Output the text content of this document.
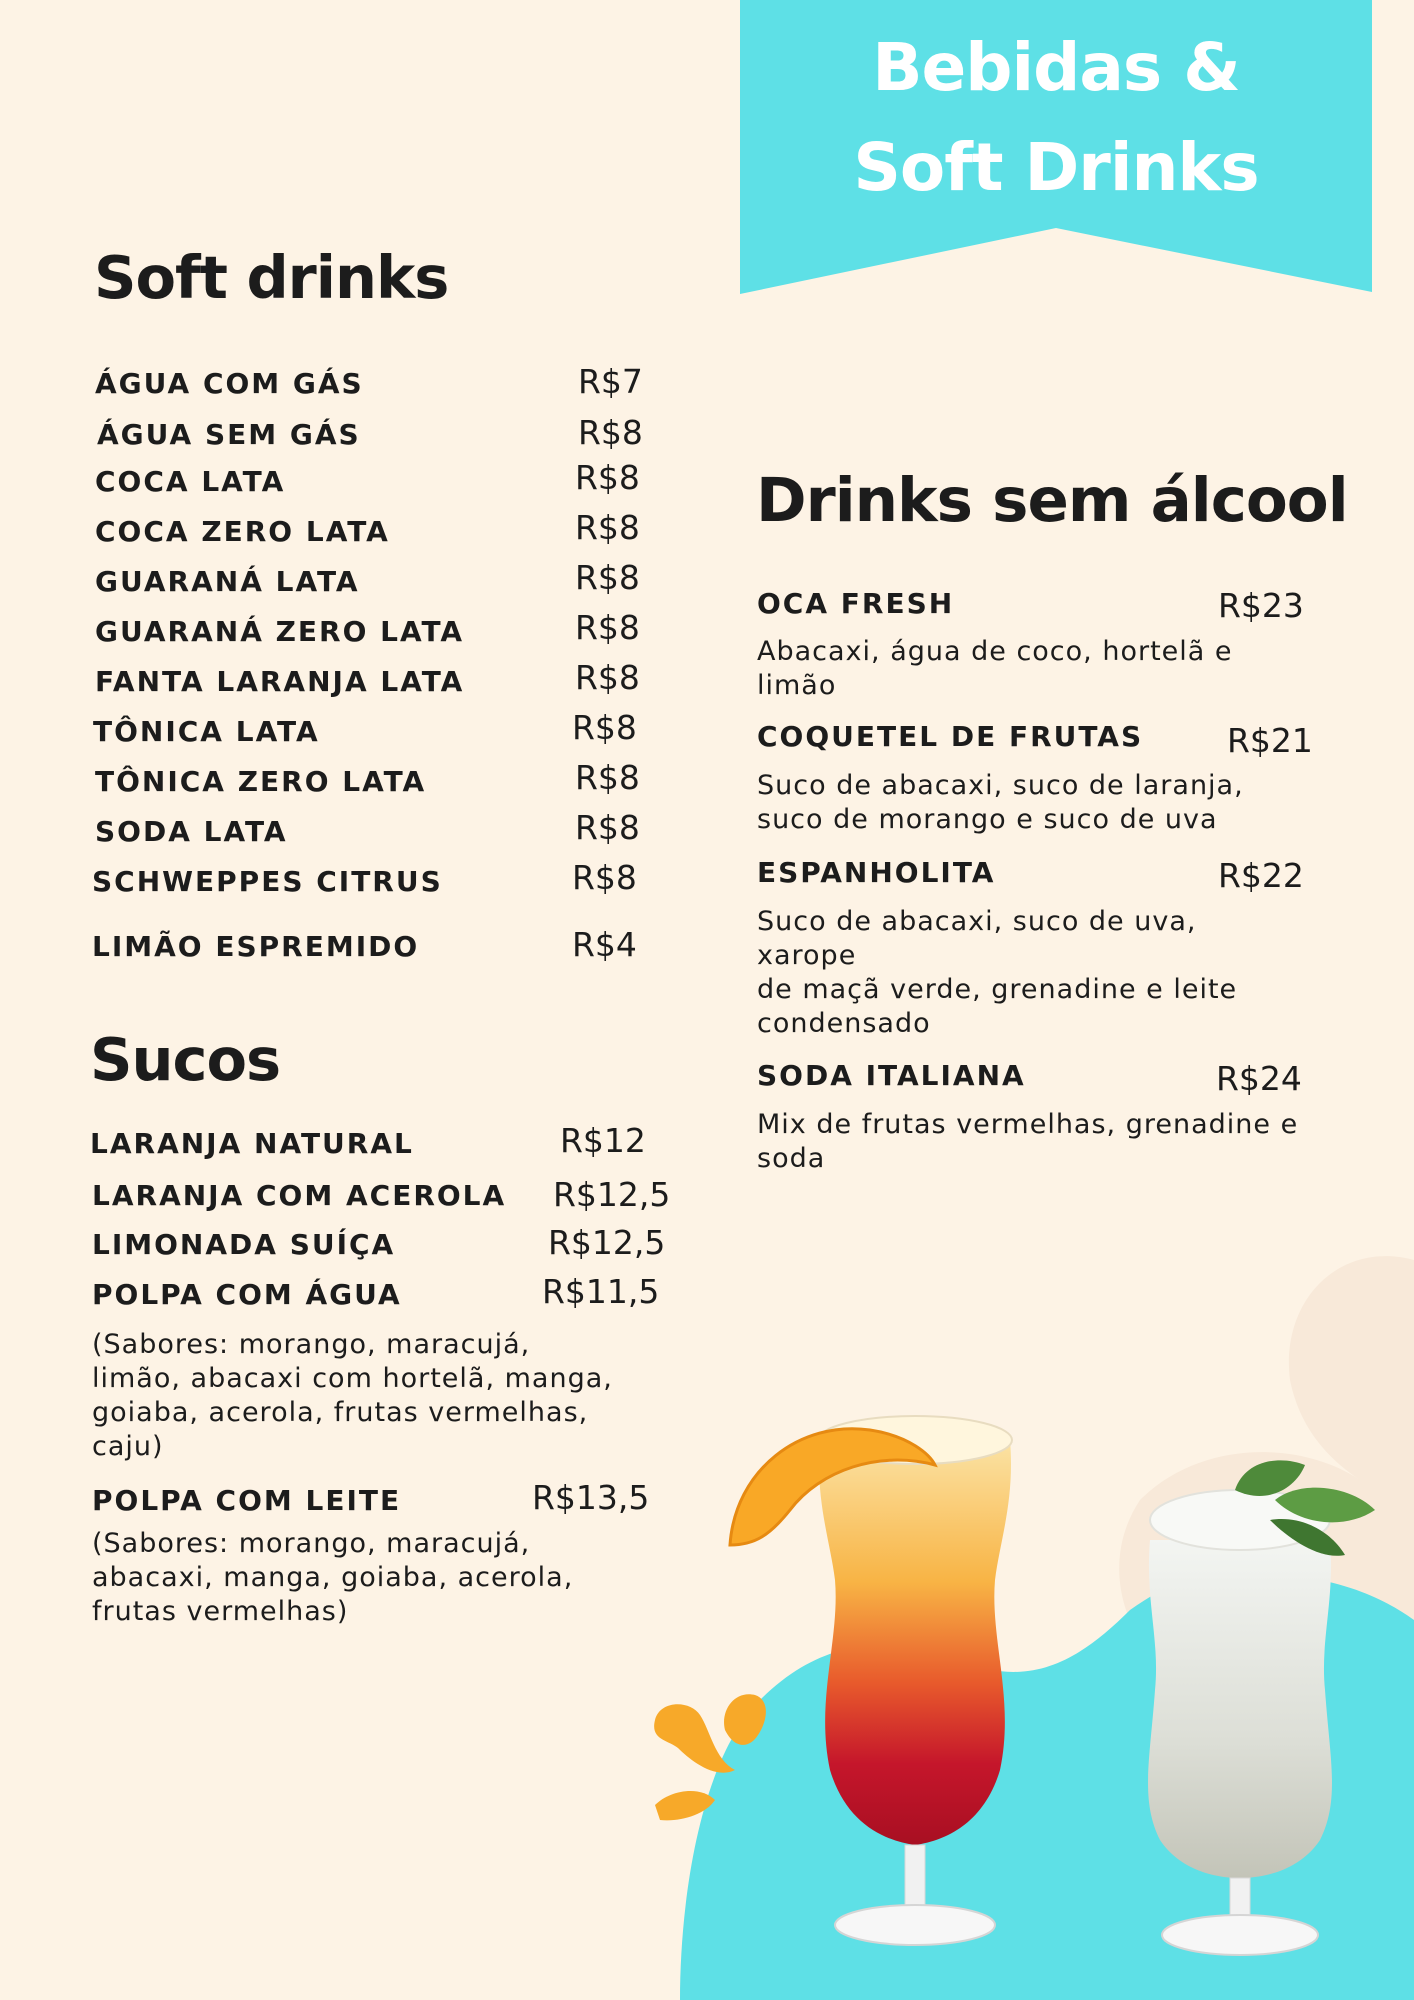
Bebidas &
Soft Drinks
Soft drinks
ÁGUA COM GÁS	R$7
ÁGUA SEM GÁS	R$8
COCA LATA	R$8
COCA ZERO LATA	R$8
GUARANÁ LATA	R$8
GUARANÁ ZERO LATA	R$8
FANTA LARANJA LATA	R$8
TÔNICA LATA	R$8
TÔNICA ZERO LATA	R$8
SODA LATA	R$8
SCHWEPPES CITRUS	R$8
LIMÃO ESPREMIDO	R$4
Sucos
LARANJA NATURAL	R$12
LARANJA COM ACEROLA R$12,5
LIMONADA SUÍÇA	R$12,5
POLPA COM ÁGUA	R$11,5
(Sabores: morango, maracujá,
limão, abacaxi com hortelã, manga,
goiaba, acerola, frutas vermelhas,
caju)
POLPA COM LEITE	R$13,5
(Sabores: morango, maracujá,
abacaxi, manga, goiaba, acerola,
frutas vermelhas)
Drinks sem álcool
OCA FRESH	R$23
Abacaxi, água de coco, hortelã e
limão
COQUETEL DE FRUTAS	R$21
Suco de abacaxi, suco de laranja,
suco de morango e suco de uva
ESPANHOLITA	R$22
Suco de abacaxi, suco de uva,
xarope
de maçã verde, grenadine e leite
condensado
SODA ITALIANA	R$24
Mix de frutas vermelhas, grenadine e
soda
